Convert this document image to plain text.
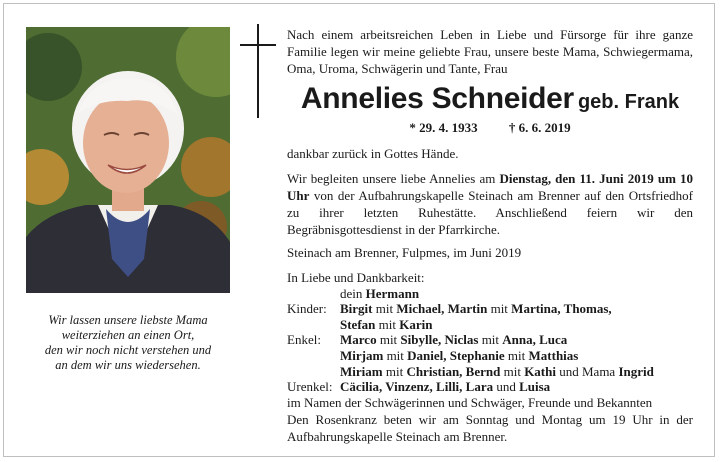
Wir lassen unsere liebste Mama
weiterziehen an einen Ort,
den wir noch nicht verstehen und
an dem wir uns wiedersehen.
Nach einem arbeitsreichen Leben in Liebe und Fürsorge für ihre ganze Familie legen wir meine geliebte Frau, unsere beste Mama, Schwiegermama, Oma, Uroma, Schwägerin und Tante, Frau
Annelies Schneider geb. Frank
* 29. 4. 1933 † 6. 6. 2019
dankbar zurück in Gottes Hände.
Wir begleiten unsere liebe Annelies am Dienstag, den 11. Juni 2019 um 10 Uhr von der Aufbahrungskapelle Steinach am Brenner auf den Ortsfriedhof zu ihrer letzten Ruhestätte. Anschließend feiern wir den Begräbnisgottesdienst in der Pfarrkirche.
Steinach am Brenner, Fulpmes, im Juni 2019
In Liebe und Dankbarkeit:
dein Hermann
Kinder:	Birgit mit Michael, Martin mit Martina, Thomas,
Stefan mit Karin
Enkel:	Marco mit Sibylle, Niclas mit Anna, Luca
Mirjam mit Daniel, Stephanie mit Matthias
Miriam mit Christian, Bernd mit Kathi und Mama Ingrid
Urenkel: Cäcilia, Vinzenz, Lilli, Lara und Luisa
im Namen der Schwägerinnen und Schwäger, Freunde und Bekannten
Den Rosenkranz beten wir am Sonntag und Montag um 19 Uhr in der Aufbahrungskapelle Steinach am Brenner.
